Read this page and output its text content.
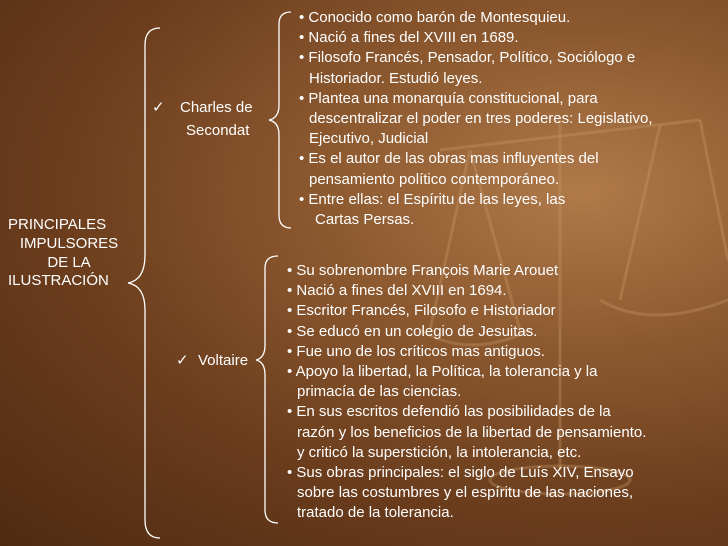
PRINCIPALES
IMPULSORES
DE LA
ILUSTRACIÓN
✓ Charles de
Secondat
• Conocido como barón de Montesquieu.
• Nació a fines del XVIII en 1689.
• Filosofo Francés, Pensador, Político, Sociólogo e
Historiador. Estudió leyes.
• Plantea una monarquía constitucional, para
descentralizar el poder en tres poderes: Legislativo,
Ejecutivo, Judicial
• Es el autor de las obras mas influyentes del
pensamiento político contemporáneo.
• Entre ellas: el Espíritu de las leyes, las
Cartas Persas.
✓ Voltaire
• Su sobrenombre François Marie Arouet
• Nació a fines del XVIII en 1694.
• Escritor Francés, Filosofo e Historiador
• Se educó en un colegio de Jesuitas.
• Fue uno de los críticos mas antiguos.
• Apoyo la libertad, la Política, la tolerancia y la
primacía de las ciencias.
• En sus escritos defendió las posibilidades de la
razón y los beneficios de la libertad de pensamiento.
y criticó la superstición, la intolerancia, etc.
• Sus obras principales: el siglo de Luís XIV, Ensayo
sobre las costumbres y el espíritu de las naciones,
tratado de la tolerancia.
